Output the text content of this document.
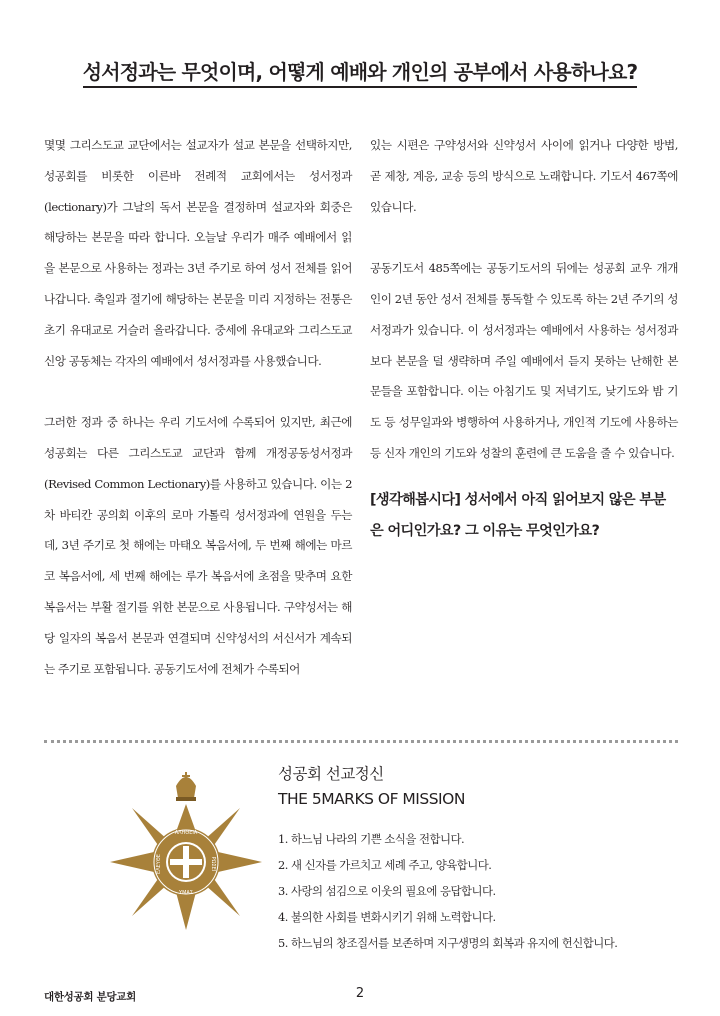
성서정과는 무엇이며, 어떻게 예배와 개인의 공부에서 사용하나요?

몇몇 그리스도교 교단에서는 설교자가 설교 본문을 선택하지만, 성공회를 비롯한 이른바 전례적 교회에서는 성서정과(lectionary)가 그날의 독서 본문을 결정하며 설교자와 회중은 해당하는 본문을 따라 합니다. 오늘날 우리가 매주 예배에서 읽을 본문으로 사용하는 정과는 3년 주기로 하여 성서 전체를 읽어 나갑니다. 축일과 절기에 해당하는 본문을 미리 지정하는 전통은 초기 유대교로 거슬러 올라갑니다. 중세에 유대교와 그리스도교 신앙 공동체는 각자의 예배에서 성서정과를 사용했습니다.

그러한 정과 중 하나는 우리 기도서에 수록되어 있지만, 최근에 성공회는 다른 그리스도교 교단과 함께 개정공동성서정과(Revised Common Lectionary)를 사용하고 있습니다. 이는 2차 바티칸 공의회 이후의 로마 가톨릭 성서정과에 연원을 두는데, 3년 주기로 첫 해에는 마태오 복음서에, 두 번째 해에는 마르코 복음서에, 세 번째 해에는 루가 복음서에 초점을 맞추며 요한복음서는 부활 절기를 위한 본문으로 사용됩니다. 구약성서는 해당 일자의 복음서 본문과 연결되며 신약성서의 서신서가 계속되는 주기로 포함됩니다. 공동기도서에 전체가 수록되어

있는 시편은 구약성서와 신약성서 사이에 읽거나 다양한 방법, 곧 제창, 계응, 교송 등의 방식으로 노래합니다. 기도서 467쪽에 있습니다.

공동기도서 485쪽에는 공동기도서의 뒤에는 성공회 교우 개개인이 2년 동안 성서 전체를 통독할 수 있도록 하는 2년 주기의 성서정과가 있습니다. 이 성서정과는 예배에서 사용하는 성서정과보다 본문을 덜 생략하며 주일 예배에서 듣지 못하는 난해한 본문들을 포함합니다. 이는 아침기도 및 저녁기도, 낮기도와 밤 기도 등 성무일과와 병행하여 사용하거나, 개인적 기도에 사용하는 등 신자 개인의 기도와 성찰의 훈련에 큰 도움을 줄 수 있습니다.

[생각해봅시다] 성서에서 아직 읽어보지 않은 부분은 어디인가요? 그 이유는 무엇인가요?

ΑΛΗΘΕΙΑ
ΥΜΑΣ
ΕΛΕΥΘΕ	ΡΩΣΕΙ
성공회 선교정신
THE 5MARKS OF MISSION
1. 하느님 나라의 기쁜 소식을 전합니다.
2. 새 신자를 가르치고 세례 주고, 양육합니다.
3. 사랑의 섬김으로 이웃의 필요에 응답합니다.
4. 불의한 사회를 변화시키기 위해 노력합니다.
5. 하느님의 창조질서를 보존하며 지구생명의 회복과 유지에 헌신합니다.
대한성공회 분당교회	2
